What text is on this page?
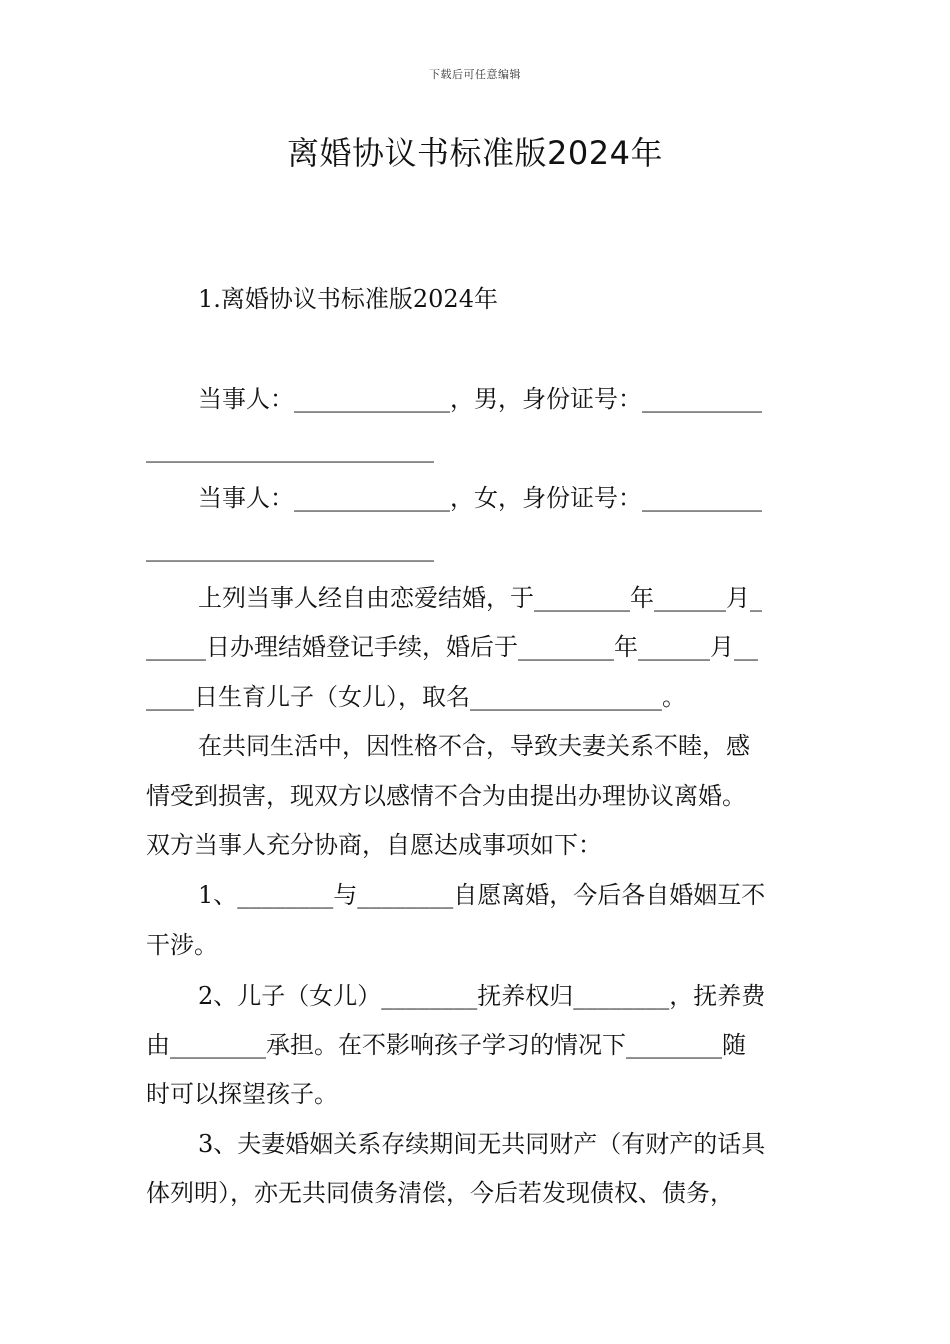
下载后可任意编辑
离婚协议书标准版2024年
1.离婚协议书标准版2024年
当事人：_____________，男，身份证号：__________
________________________
当事人：_____________，女，身份证号：__________
________________________
上列当事人经自由恋爱结婚，于________年______月_
_____日办理结婚登记手续，婚后于________年______月__
____日生育儿子（女儿），取名________________。
在共同生活中，因性格不合，导致夫妻关系不睦，感
情受到损害，现双方以感情不合为由提出办理协议离婚。
双方当事人充分协商，自愿达成事项如下：
1、________与________自愿离婚，今后各自婚姻互不
干涉。
2、儿子（女儿）________抚养权归________，抚养费
由________承担。在不影响孩子学习的情况下________随
时可以探望孩子。
3、夫妻婚姻关系存续期间无共同财产（有财产的话具
体列明），亦无共同债务清偿，今后若发现债权、债务，
